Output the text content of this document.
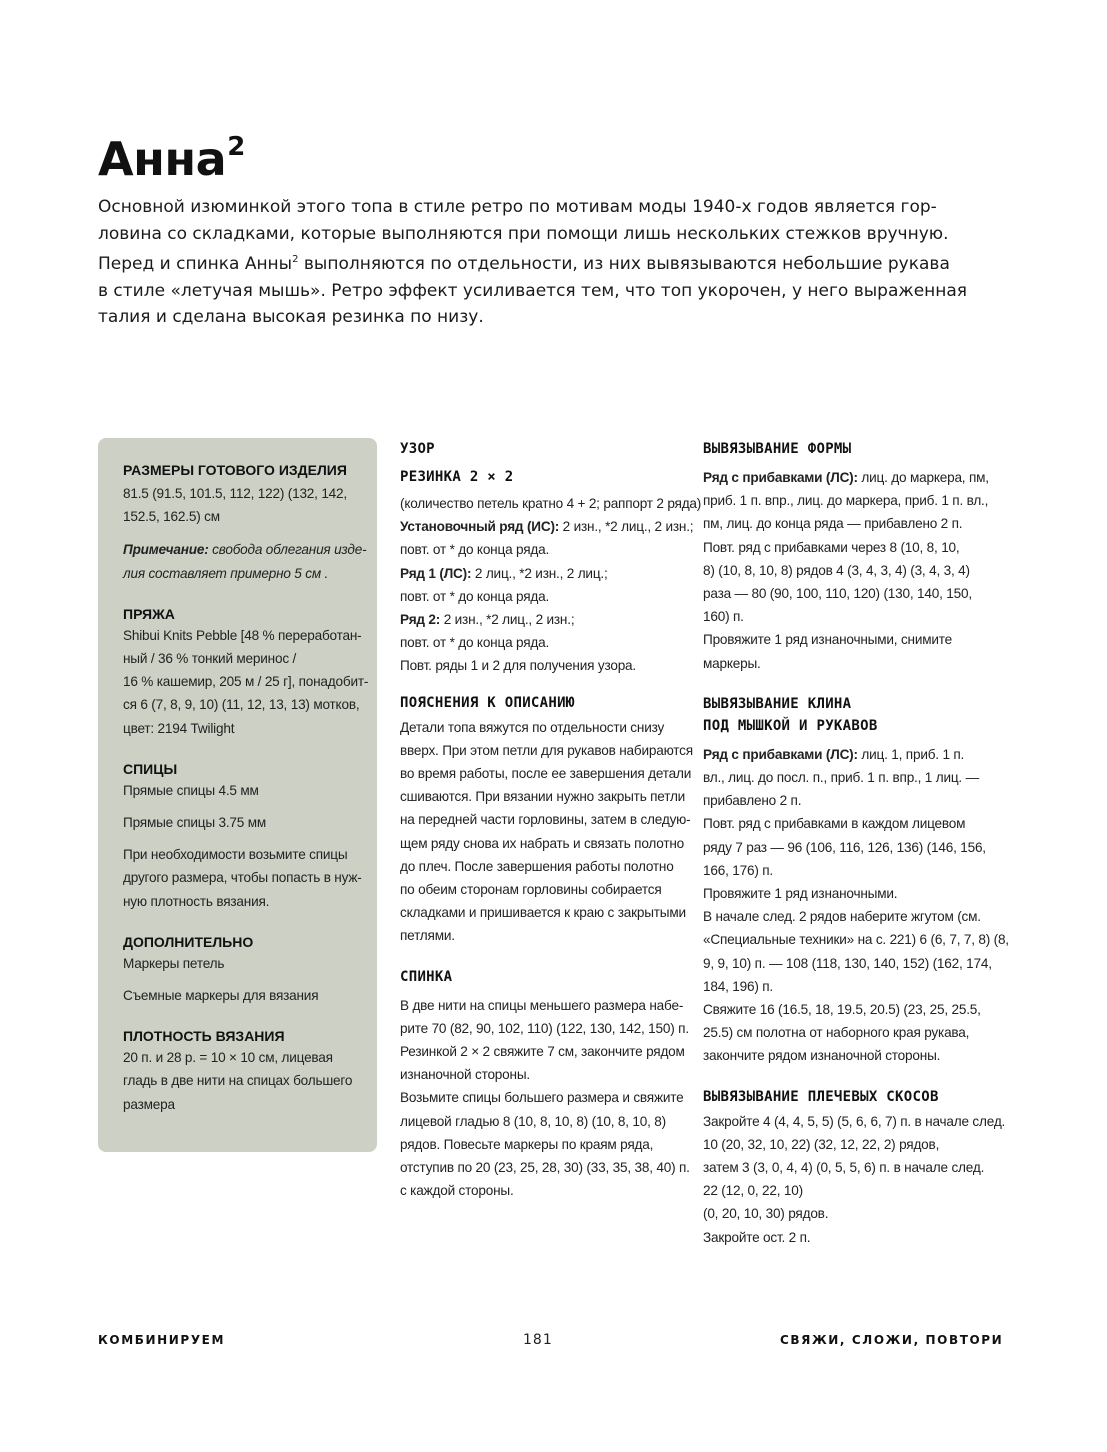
Анна$^2$

Основной изюминкой этого топа в стиле ретро по мотивам моды 1940-х годов является гор-

ловина со складками, которые выполняются при помощи лишь нескольких стежков вручную.

Перед и спинка Анны$^2$ выполняются по отдельности, из них вывязываются небольшие рукава

в стиле «летучая мышь». Ретро эффект усиливается тем, что топ укорочен, у него выраженная

талия и сделана высокая резинка по низу.

РАЗМЕРЫ ГОТОВОГО ИЗДЕЛИЯ
81.5 (91.5, 101.5, 112, 122) (132, 142,
152.5, 162.5) см
Примечание: свобода облегания изде-
лия составляет примерно 5 см .
ПРЯЖА
Shibui Knits Pebble [48 % переработан-
ный / 36 % тонкий меринос /
16 % кашемир, 205 м / 25 г], понадобит-
ся 6 (7, 8, 9, 10) (11, 12, 13, 13) мотков,
цвет: 2194 Twilight
СПИЦЫ
Прямые спицы 4.5 мм
Прямые спицы 3.75 мм
При необходимости возьмите спицы
другого размера, чтобы попасть в нуж-
ную плотность вязания.
ДОПОЛНИТЕЛЬНО
Маркеры петель
Съемные маркеры для вязания
ПЛОТНОСТЬ ВЯЗАНИЯ
20 п. и 28 р. = 10 × 10 см, лицевая
гладь в две нити на спицах большего
размера
УЗОР
РЕЗИНКА 2 × 2
(количество петель кратно 4 + 2; раппорт 2 ряда)
Установочный ряд (ИС): 2 изн., *2 лиц., 2 изн.;
повт. от * до конца ряда.
Ряд 1 (ЛС): 2 лиц., *2 изн., 2 лиц.;
повт. от * до конца ряда.
Ряд 2: 2 изн., *2 лиц., 2 изн.;
повт. от * до конца ряда.
Повт. ряды 1 и 2 для получения узора.
ПОЯСНЕНИЯ К ОПИСАНИЮ
Детали топа вяжутся по отдельности снизу
вверх. При этом петли для рукавов набираются
во время работы, после ее завершения детали
сшиваются. При вязании нужно закрыть петли
на передней части горловины, затем в следую-
щем ряду снова их набрать и связать полотно
до плеч. После завершения работы полотно
по обеим сторонам горловины собирается
складками и пришивается к краю с закрытыми
петлями.
СПИНКА
В две нити на спицы меньшего размера набе-
рите 70 (82, 90, 102, 110) (122, 130, 142, 150) п.
Резинкой 2 × 2 свяжите 7 см, закончите рядом
изнаночной стороны.
Возьмите спицы большего размера и свяжите
лицевой гладью 8 (10, 8, 10, 8) (10, 8, 10, 8)
рядов. Повесьте маркеры по краям ряда,
отступив по 20 (23, 25, 28, 30) (33, 35, 38, 40) п.
с каждой стороны.
ВЫВЯЗЫВАНИЕ ФОРМЫ
Ряд с прибавками (ЛС): лиц. до маркера, пм,
приб. 1 п. впр., лиц. до маркера, приб. 1 п. вл.,
пм, лиц. до конца ряда — прибавлено 2 п.
Повт. ряд с прибавками через 8 (10, 8, 10,
8) (10, 8, 10, 8) рядов 4 (3, 4, 3, 4) (3, 4, 3, 4)
раза — 80 (90, 100, 110, 120) (130, 140, 150,
160) п.
Провяжите 1 ряд изнаночными, снимите
маркеры.
ВЫВЯЗЫВАНИЕ КЛИНА
ПОД МЫШКОЙ И РУКАВОВ
Ряд с прибавками (ЛС): лиц. 1, приб. 1 п.
вл., лиц. до посл. п., приб. 1 п. впр., 1 лиц. —
прибавлено 2 п.
Повт. ряд с прибавками в каждом лицевом
ряду 7 раз — 96 (106, 116, 126, 136) (146, 156,
166, 176) п.
Провяжите 1 ряд изнаночными.
В начале след. 2 рядов наберите жгутом (см.
«Специальные техники» на с. 221) 6 (6, 7, 7, 8) (8,
9, 9, 10) п. — 108 (118, 130, 140, 152) (162, 174,
184, 196) п.
Свяжите 16 (16.5, 18, 19.5, 20.5) (23, 25, 25.5,
25.5) см полотна от наборного края рукава,
закончите рядом изнаночной стороны.
ВЫВЯЗЫВАНИЕ ПЛЕЧЕВЫХ СКОСОВ
Закройте 4 (4, 4, 5, 5) (5, 6, 6, 7) п. в начале след.
10 (20, 32, 10, 22) (32, 12, 22, 2) рядов,
затем 3 (3, 0, 4, 4) (0, 5, 5, 6) п. в начале след.
22 (12, 0, 22, 10)
(0, 20, 10, 30) рядов.
Закройте ост. 2 п.
КОМБИНИРУЕМ	181	СВЯЖИ, СЛОЖИ, ПОВТОРИ
